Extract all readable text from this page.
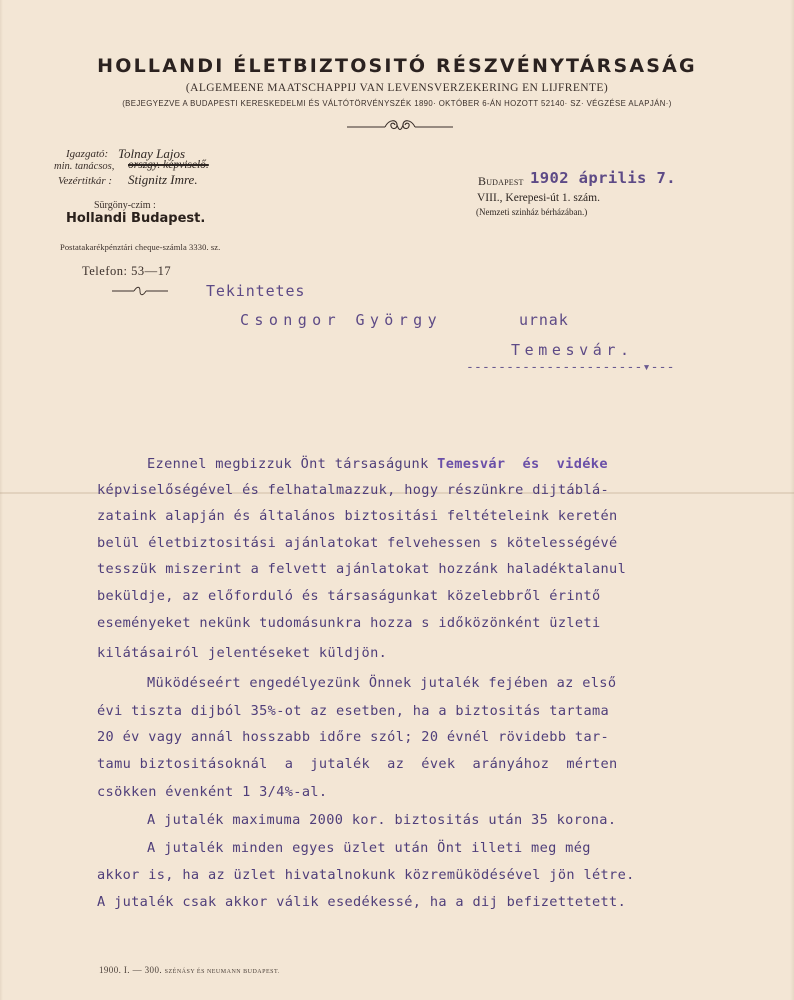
HOLLANDI ÉLETBIZTOSITÓ RÉSZVÉNYTÁRSASÁG
(ALGEMEENE MAATSCHAPPIJ VAN LEVENSVERZEKERING EN LIJFRENTE)
(BEJEGYEZVE A BUDAPESTI KERESKEDELMI ÉS VÁLTÓTÖRVÉNYSZÉK 1890· OKTÓBER 6-ÁN HOZOTT 52140· SZ· VÉGZÉSE ALAPJÁN·)
Igazgató: Tolnay Lajos
min. tanácsos, orszgy. képviselő.
Vezértitkár : Stignitz Imre.
Sürgöny-czím :
Hollandi Budapest.
Postatakarékpénztári cheque-számla 3330. sz.
Telefon: 53—17
Budapest 1902 április 7.
VIII., Kerepesi-út 1. szám.
(Nemzeti szinház bérházában.)
Tekintetes
Csongor György	urnak
Temesvár.
----------------------▾---
Ezennel megbizzuk Önt társaságunk Temesvár  és  vidéke
képviselőségével és felhatalmazzuk, hogy részünkre dijtáblá-
zataink alapján és általános biztositási feltételeink keretén
belül életbiztositási ajánlatokat felvehessen s kötelességévé
tesszük miszerint a felvett ajánlatokat hozzánk haladéktalanul
beküldje, az előforduló és társaságunkat közelebbről érintő
eseményeket nekünk tudomásunkra hozza s időközönként üzleti
kilátásairól jelentéseket küldjön.
Müködéseért engedélyezünk Önnek jutalék fejében az első
évi tiszta dijból 35%-ot az esetben, ha a biztositás tartama
20 év vagy annál hosszabb időre szól; 20 évnél rövidebb tar-
tamu biztositásoknál  a  jutalék  az  évek  arányához  mérten
csökken évenként 1 3/4%-al.
A jutalék maximuma 2000 kor. biztositás után 35 korona.
A jutalék minden egyes üzlet után Önt illeti meg még
akkor is, ha az üzlet hivatalnokunk közremüködésével jön létre.
A jutalék csak akkor válik esedékessé, ha a dij befizettetett.
1900. I. — 300. SZÉNÁSY ÉS NEUMANN BUDAPEST.
